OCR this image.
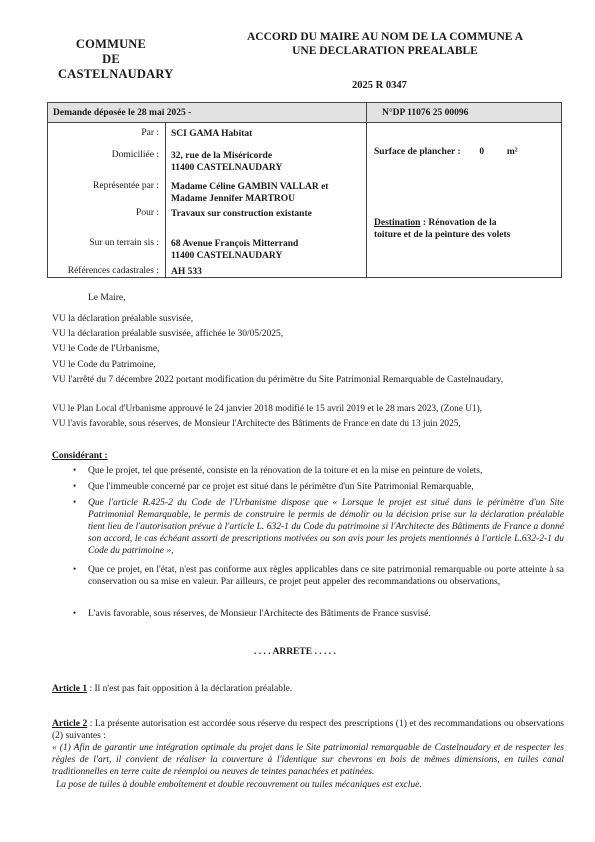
COMMUNE
DE
CASTELNAUDARY
ACCORD DU MAIRE AU NOM DE LA COMMUNE A
UNE DECLARATION PREALABLE
2025 R 0347
Demande déposée le 28 mai 2025 -	N°DP 11076 25 00096
Par : SCI GAMA Habitat
Domiciliée : 32, rue de la Miséricorde
11400 CASTELNAUDARY
Représentée par : Madame Céline GAMBIN VALLAR et
Madame Jennifer MARTROU
Pour : Travaux sur construction existante
Sur un terrain sis : 68 Avenue François Mitterrand
11400 CASTELNAUDARY
Références cadastrales : AH 533
Surface de plancher : 0 m²
Destination : Rénovation de la
toiture et de la peinture des volets
Le Maire,
VU la déclaration préalable susvisée,
VU la déclaration préalable susvisée, affichée le 30/05/2025,
VU le Code de l'Urbanisme,
VU le Code du Patrimoine,
VU l'arrêté du 7 décembre 2022 portant modification du périmètre du Site Patrimonial Remarquable de Castelnaudary,
VU le Plan Local d'Urbanisme approuvé le 24 janvier 2018 modifié le 15 avril 2019 et le 28 mars 2023, (Zone U1),
VU l'avis favorable, sous réserves, de Monsieur l'Architecte des Bâtiments de France en date du 13 juin 2025,
Considérant :
• Que le projet, tel que présenté, consiste en la rénovation de la toiture et en la mise en peinture de volets,
• Que l'immeuble concerné par ce projet est situé dans le périmètre d'un Site Patrimonial Remarquable,
• Que l'article R.425-2 du Code de l'Urbanisme dispose que « Lorsque le projet est situé dans le périmètre d'un Site Patrimonial Remarquable, le permis de construire le permis de démolir ou la décision prise sur la déclaration préalable tient lieu de l'autorisation prévue à l'article L. 632-1 du Code du patrimoine si l'Architecte des Bâtiments de France a donné son accord, le cas échéant assorti de prescriptions motivées ou son avis pour les projets mentionnés à l'article L.632-2-1 du Code du patrimoine »,
• Que ce projet, en l'état, n'est pas conforme aux règles applicables dans ce site patrimonial remarquable ou porte atteinte à sa conservation ou sa mise en valeur. Par ailleurs, ce projet peut appeler des recommandations ou observations,
• L'avis favorable, sous réserves, de Monsieur l'Architecte des Bâtiments de France susvisé.
. . . . ARRETE . . . . .
Article 1 : Il n'est pas fait opposition à la déclaration préalable.
Article 2 : La présente autorisation est accordée sous réserve du respect des prescriptions (1) et des recommandations ou observations (2) suivantes :
« (1) Afin de garantir une intégration optimale du projet dans le Site patrimonial remarquable de Castelnaudary et de respecter les règles de l'art, il convient de réaliser la couverture à l'identique sur chevrons en bois de mêmes dimensions, en tuiles canal traditionnelles en terre cuite de réemploi ou neuves de teintes panachées et patinées.
La pose de tuiles à double emboîtement et double recouvrement ou tuiles mécaniques est exclue.
